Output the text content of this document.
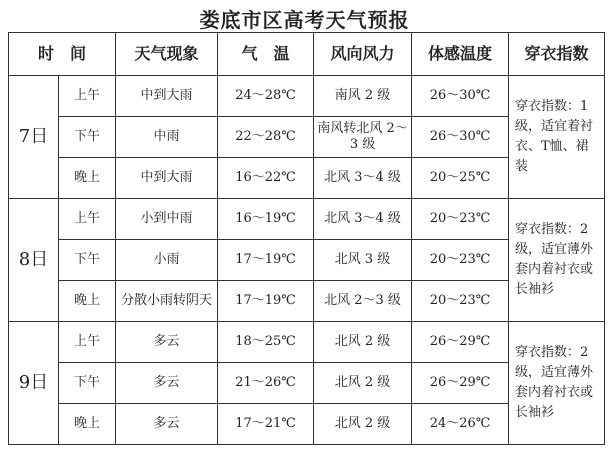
娄底市区高考天气预报
时　间		天气现象	气　温	风向风力	体感温度	穿衣指数
7日	上午	中到大雨	24～28℃	南风 2 级	26～30℃	穿衣指数：1级，适宜着衬衣、T恤、裙装
	下午	中雨	22～28℃	南风转北风 2～3 级	26～30℃	
	晚上	中到大雨	16～22℃	北风 3～4 级	20～25℃	
8日	上午	小到中雨	16～19℃	北风 3～4 级	20～23℃	穿衣指数：2级，适宜薄外套内着衬衣或长袖衫
	下午	小雨	17～19℃	北风 3 级	20～23℃	
	晚上	分散小雨转阴天	17～19℃	北风 2～3 级	20～23℃	
9日	上午	多云	18～25℃	北风 2 级	26～29℃	穿衣指数：2级，适宜薄外套内着衬衣或长袖衫
	下午	多云	21～26℃	北风 2 级	26～29℃	
	晚上	多云	17～21℃	北风 2 级	24～26℃	
